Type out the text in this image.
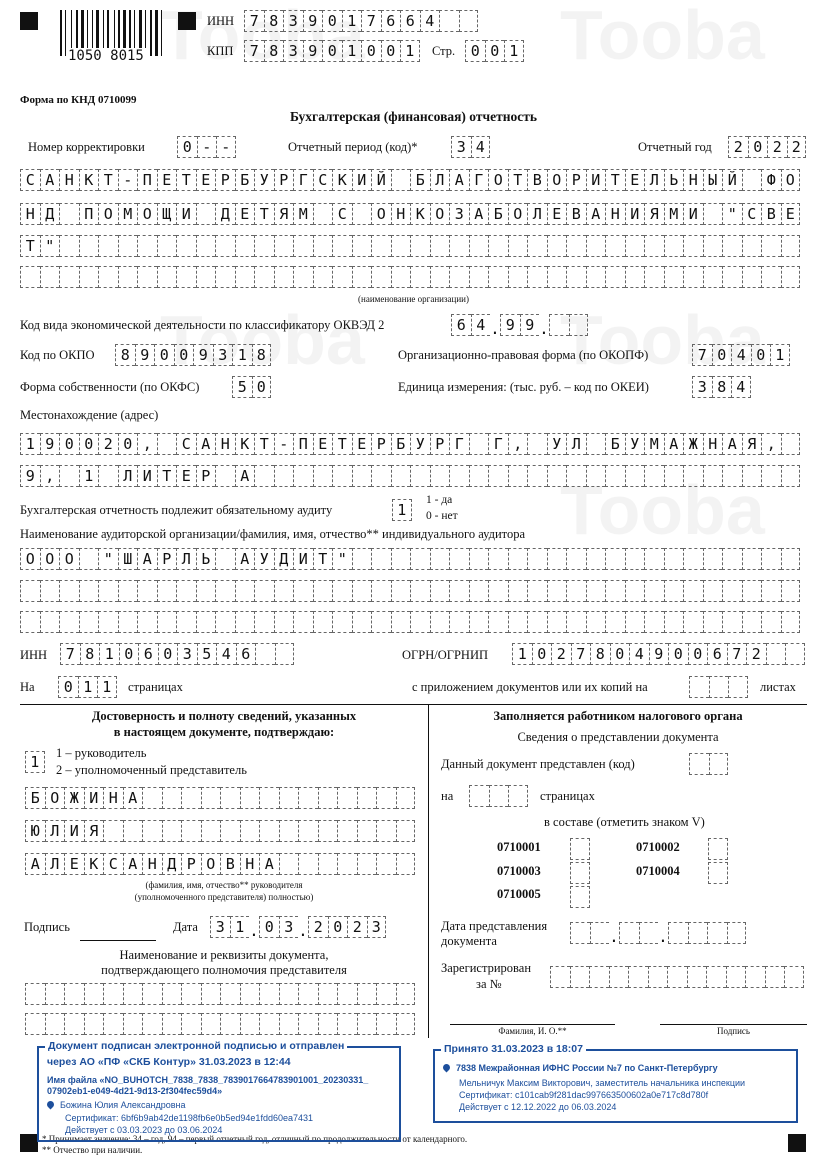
1050 8015
ИНН	7 8 3 9 0 1 7 6 6 4
КПП	7 8 3 9 0 1 0 0 1	Стр.	0 0 1
Форма по КНД 0710099
Бухгалтерская (финансовая) отчетность
Номер корректировки	0 - -	Отчетный период (код)*	3 4	Отчетный год	2 0 2 2
С А Н К Т - П Е Т Е Р Б У Р Г С К И Й	Б Л А Г О Т В О Р И Т Е Л Ь Н Ы Й	Ф О
Н Д	П О М О Щ И	Д Е Т Я М	С	О Н К О З А Б О Л Е В А Н И Я М И	" С В Е
Т "
(наименование организации)
Код вида экономической деятельности по классификатору ОКВЭД 2	6 4 . 9 9 .
Код по ОКПО	8 9 0 0 9 3 1 8	Организационно-правовая форма (по ОКОПФ)	7 0 4 0 1
Форма собственности (по ОКФС)	5 0	Единица измерения: (тыс. руб. – код по ОКЕИ)	3 8 4
Местонахождение (адрес)
1 9 0 0 2 0 ,	С А Н К Т - П Е Т Е Р Б У Р Г	Г ,	У Л	Б У М А Ж Н А Я ,
9 ,	1	Л И Т Е Р	А
Бухгалтерская отчетность подлежит обязательному аудиту	1
1 - да
0 - нет
Наименование аудиторской организации/фамилия, имя, отчество** индивидуального аудитора
О О О	" Ш А Р Л Ь	А У Д И Т "
ИНН	7 8 1 0 6 0 3 5 4 6	ОГРН/ОГРНИП	1 0 2 7 8 0 4 9 0 0 6 7 2
На	0 1 1	страницах	с приложением документов или их копий на	листах
Достоверность и полноту сведений, указанных
в настоящем документе, подтверждаю:
1	1 – руководитель
2 – уполномоченный представитель
Б О Ж И Н А
Ю Л И Я
А Л Е К С А Н Д Р О В Н А
(фамилия, имя, отчество** руководителя
(уполномоченного представителя) полностью)
Подпись	Дата	3 1 . 0 3 . 2 0 2 3
Наименование и реквизиты документа,
подтверждающего полномочия представителя
Заполняется работником налогового органа
Сведения о представлении документа
Данный документ представлен (код)
на	страницах
в составе (отметить знаком V)
0710001	0710002
0710003	0710004
0710005
Дата представления
документа	. .
Зарегистрирован
за №
Фамилия, И. О.**	Подпись
* Принимает значение: 34 – год, 94 – первый отчетный год, отличный по продолжительности от календарного.
** Отчество при наличии.
Документ подписан электронной подписью и отправлен
через АО «ПФ «СКБ Контур» 31.03.2023 в 12:44
Имя файла «NO_BUHOTCH_7838_7838_7839017664783901001_20230331_
07902eb1-e049-4d21-9d13-2f304fec59d4»
Божина Юлия Александровна
Сертификат: 6bf6b9ab42de1198fb6e0b5ed94e1fdd60ea7431
Действует с 03.03.2023 до 03.06.2024
Принято 31.03.2023 в 18:07
7838 Межрайонная ИФНС России №7 по Санкт-Петербургу
Мельничук Максим Викторович, заместитель начальника инспекции
Сертификат: c101cab9f281dac997663500602a0e717c8d780f
Действует с 12.12.2022 до 06.03.2024
